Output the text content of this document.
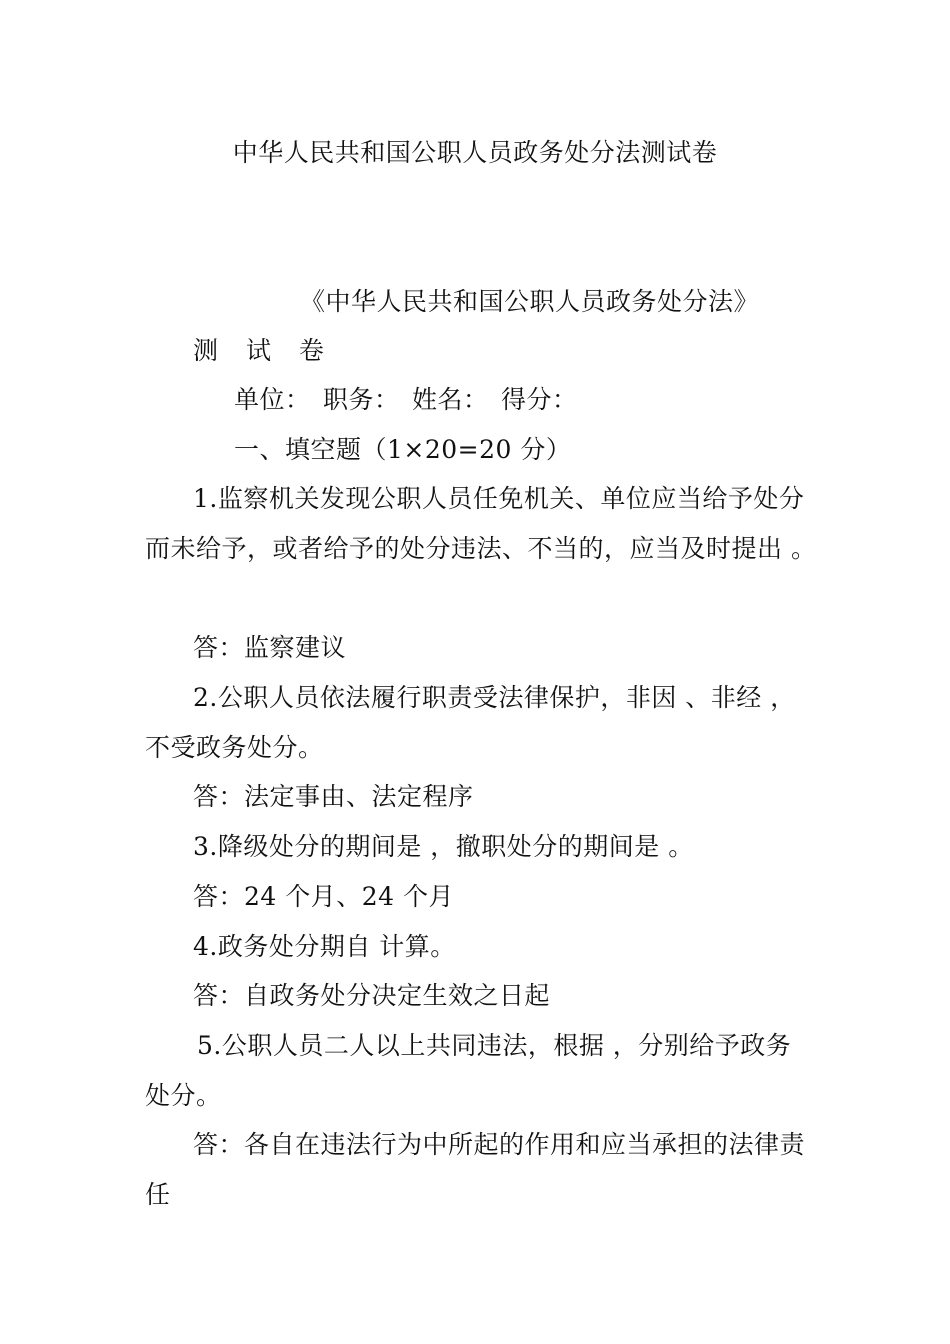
中华人民共和国公职人员政务处分法测试卷
《中华人民共和国公职人员政务处分法》
测 试 卷
单位： 职务： 姓名： 得分：
一、填空题（1×20=20 分）
1.监察机关发现公职人员任免机关、单位应当给予处分
而未给予，或者给予的处分违法、不当的，应当及时提出 。
答：监察建议
2.公职人员依法履行职责受法律保护，非因 、非经 ，
不受政务处分。
答：法定事由、法定程序
3.降级处分的期间是 ，撤职处分的期间是 。
答：24 个月、24 个月
4.政务处分期自 计算。
答：自政务处分决定生效之日起
5.公职人员二人以上共同违法，根据 ，分别给予政务
处分。
答：各自在违法行为中所起的作用和应当承担的法律责
任
